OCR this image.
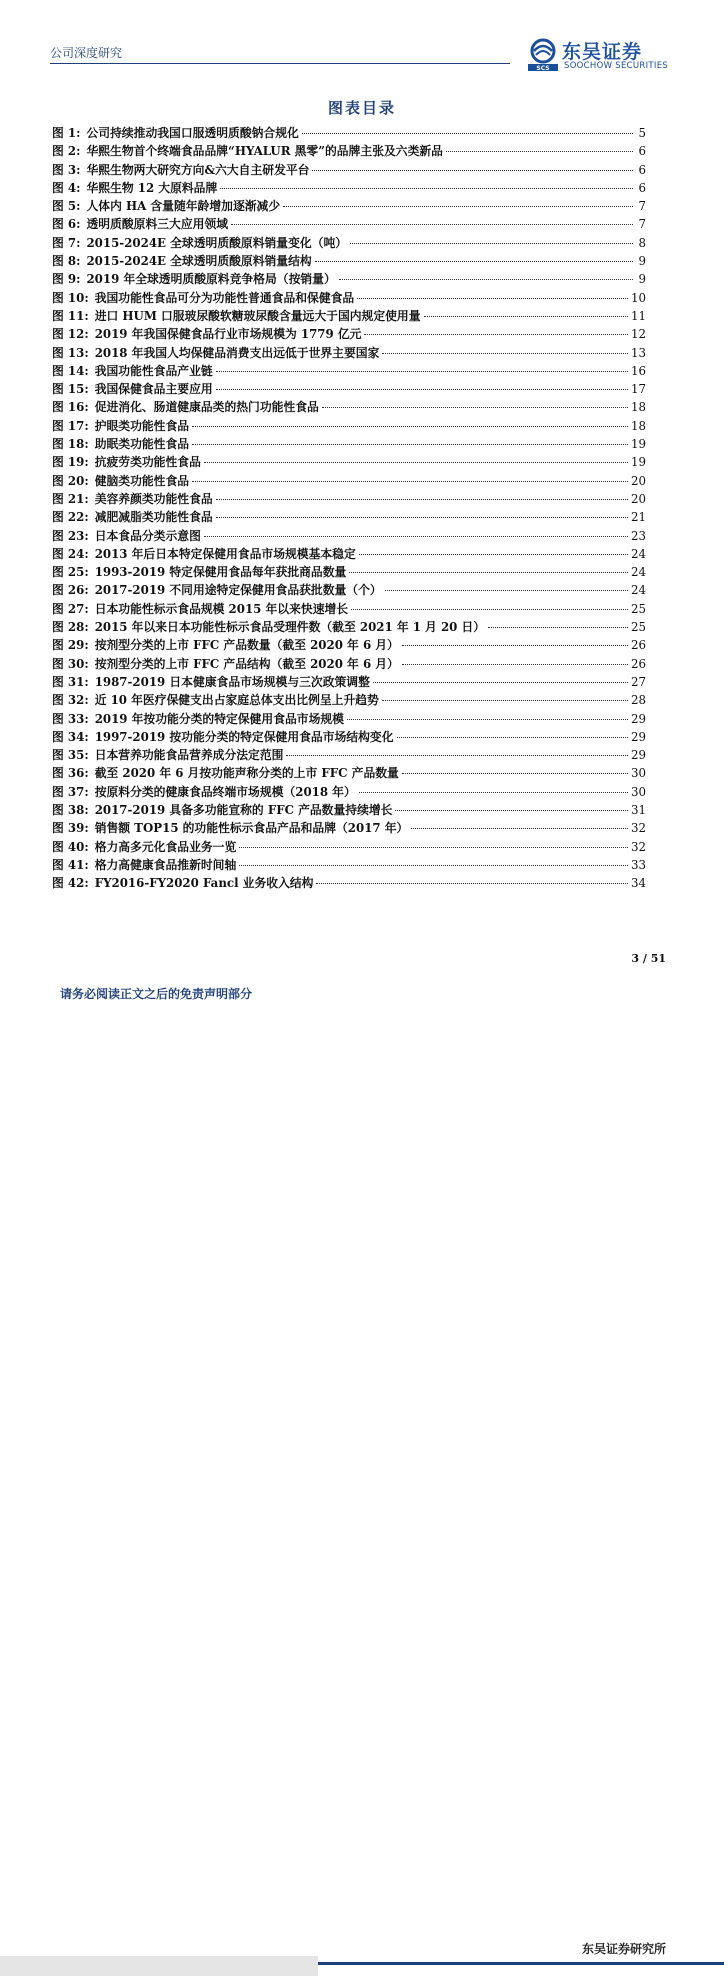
公司深度研究
SCS
东吴证券
SOOCHOW SECURITIES
图表目录
图 1: 公司持续推动我国口服透明质酸钠合规化	5
图 2: 华熙生物首个终端食品品牌“HYALUR 黑零”的品牌主张及六类新品	6
图 3: 华熙生物两大研究方向&六大自主研发平台	6
图 4: 华熙生物 12 大原料品牌	6
图 5: 人体内 HA 含量随年龄增加逐渐减少	7
图 6: 透明质酸原料三大应用领域	7
图 7: 2015-2024E 全球透明质酸原料销量变化（吨）	8
图 8: 2015-2024E 全球透明质酸原料销量结构	9
图 9: 2019 年全球透明质酸原料竞争格局（按销量）	9
图 10: 我国功能性食品可分为功能性普通食品和保健食品	10
图 11: 进口 HUM 口服玻尿酸软糖玻尿酸含量远大于国内规定使用量	11
图 12: 2019 年我国保健食品行业市场规模为 1779 亿元	12
图 13: 2018 年我国人均保健品消费支出远低于世界主要国家	13
图 14: 我国功能性食品产业链	16
图 15: 我国保健食品主要应用	17
图 16: 促进消化、肠道健康品类的热门功能性食品	18
图 17: 护眼类功能性食品	18
图 18: 助眠类功能性食品	19
图 19: 抗疲劳类功能性食品	19
图 20: 健脑类功能性食品	20
图 21: 美容养颜类功能性食品	20
图 22: 减肥减脂类功能性食品	21
图 23: 日本食品分类示意图	23
图 24: 2013 年后日本特定保健用食品市场规模基本稳定	24
图 25: 1993-2019 特定保健用食品每年获批商品数量	24
图 26: 2017-2019 不同用途特定保健用食品获批数量（个）	24
图 27: 日本功能性标示食品规模 2015 年以来快速增长	25
图 28: 2015 年以来日本功能性标示食品受理件数（截至 2021 年 1 月 20 日）	25
图 29: 按剂型分类的上市 FFC 产品数量（截至 2020 年 6 月）	26
图 30: 按剂型分类的上市 FFC 产品结构（截至 2020 年 6 月）	26
图 31: 1987-2019 日本健康食品市场规模与三次政策调整	27
图 32: 近 10 年医疗保健支出占家庭总体支出比例呈上升趋势	28
图 33: 2019 年按功能分类的特定保健用食品市场规模	29
图 34: 1997-2019 按功能分类的特定保健用食品市场结构变化	29
图 35: 日本营养功能食品营养成分法定范围	29
图 36: 截至 2020 年 6 月按功能声称分类的上市 FFC 产品数量	30
图 37: 按原料分类的健康食品终端市场规模（2018 年）	30
图 38: 2017-2019 具备多功能宣称的 FFC 产品数量持续增长	31
图 39: 销售额 TOP15 的功能性标示食品产品和品牌（2017 年）	32
图 40: 格力高多元化食品业务一览	32
图 41: 格力高健康食品推新时间轴	33
图 42: FY2016-FY2020 Fancl 业务收入结构	34
3 / 51
东吴证券研究所
请务必阅读正文之后的免责声明部分
